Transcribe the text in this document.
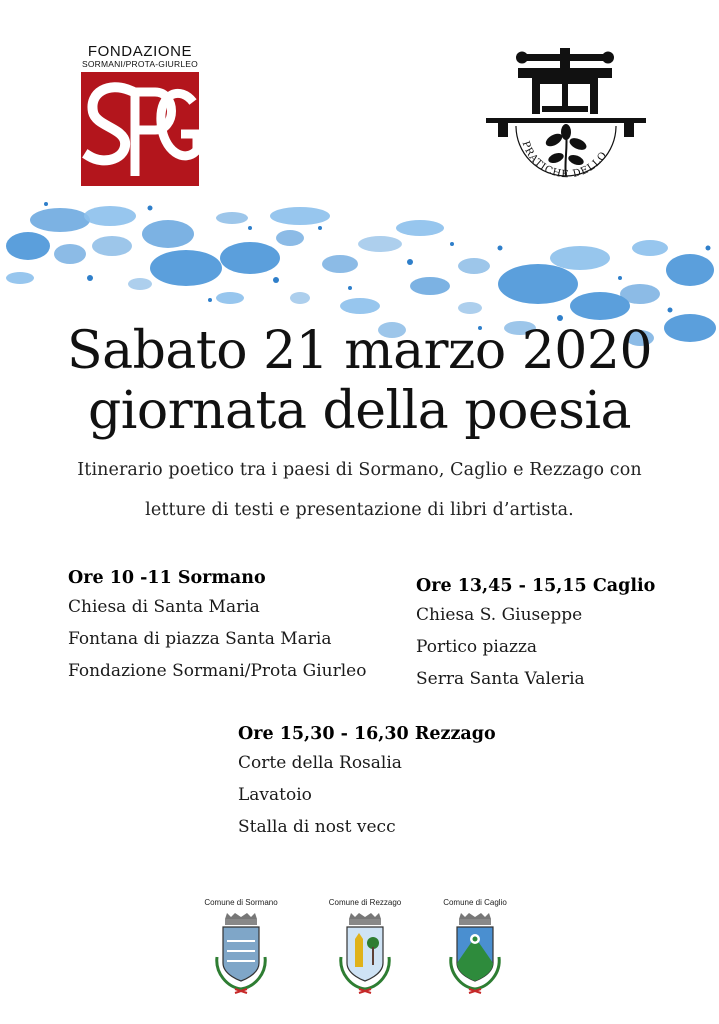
FONDAZIONE
SORMANI/PROTA-GIURLEO
PRATICHE DELLO
Sabato 21 marzo 2020
giornata della poesia
Itinerario poetico tra i paesi di Sormano, Caglio e Rezzago con
letture di testi e presentazione di libri d’artista.
Ore 10 -11 Sormano
Chiesa di Santa Maria
Fontana di piazza Santa Maria
Fondazione Sormani/Prota Giurleo
Ore 13,45 - 15,15 Caglio
Chiesa S. Giuseppe
Portico piazza
Serra Santa Valeria
Ore 15,30 - 16,30 Rezzago
Corte della Rosalia
Lavatoio
Stalla di nost vecc
Comune di Sormano	Comune di Rezzago	Comune di Caglio
